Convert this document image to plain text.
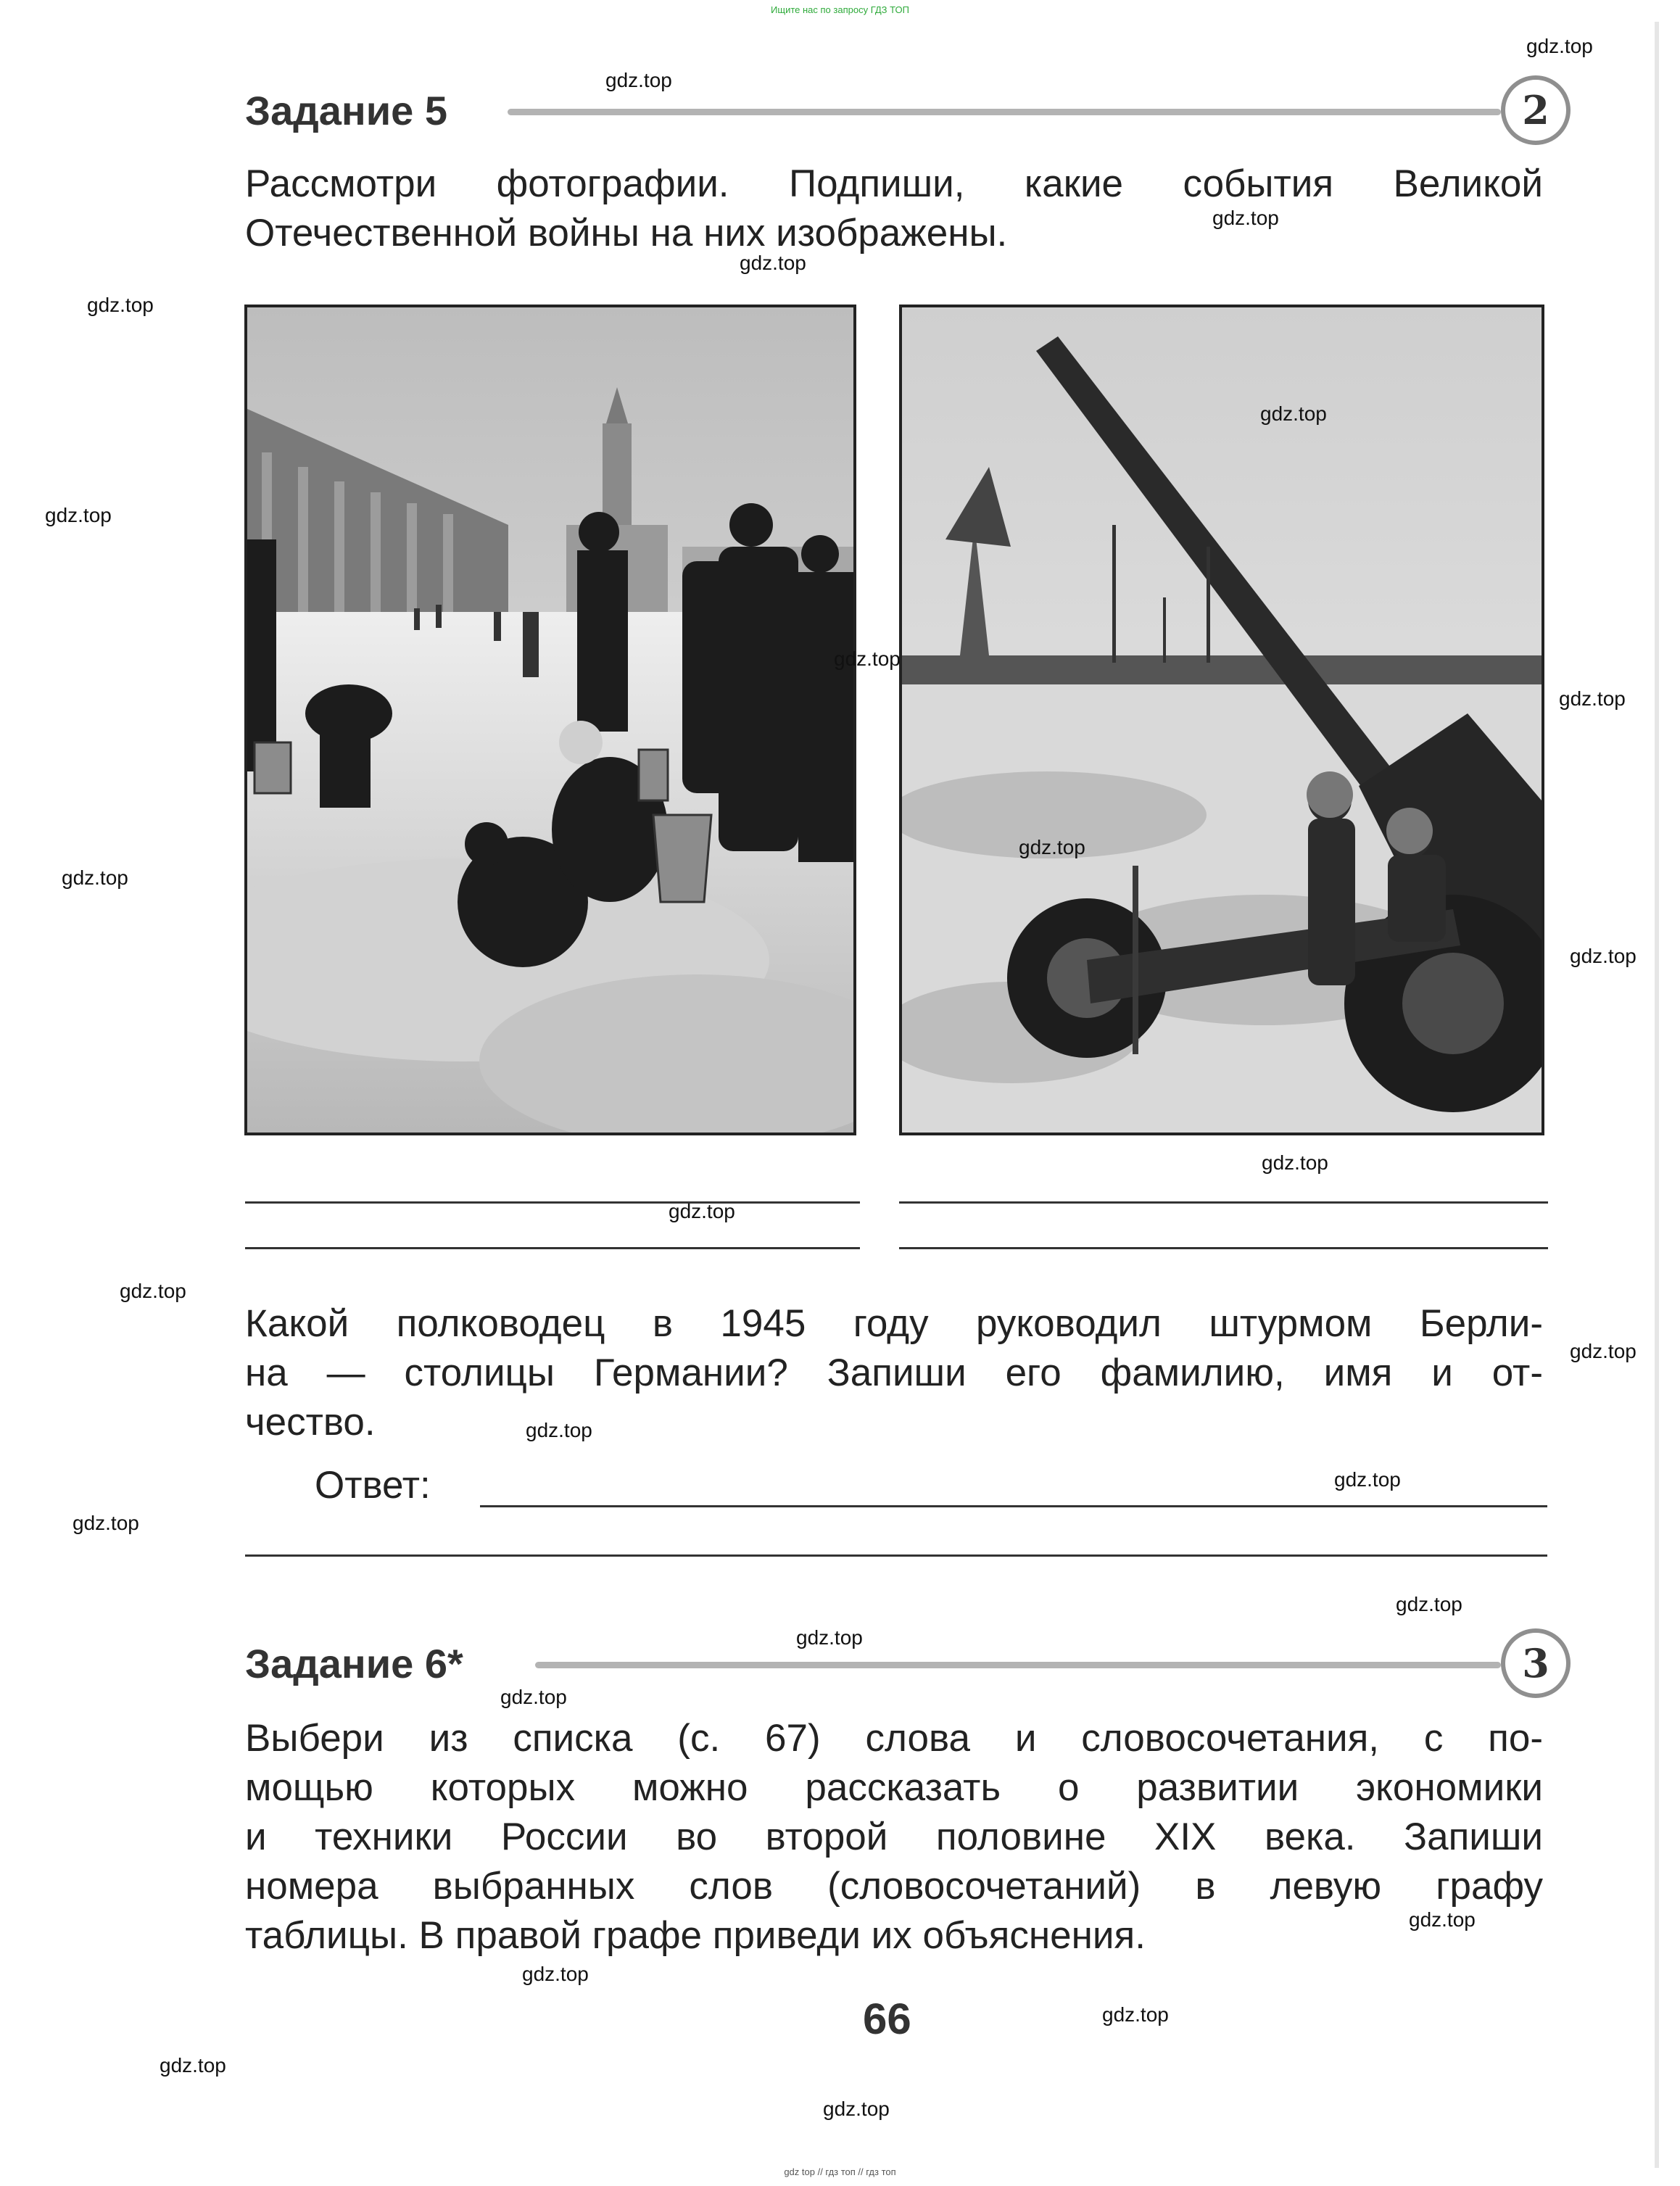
Ищите нас по запросу ГДЗ ТОП
Задание 5	2
Рассмотри фотографии. Подпиши, какие события Великой
Отечественной войны на них изображены.
Какой полководец в 1945 году руководил штурмом Берли-
на — столицы Германии? Запиши его фамилию, имя и от-
чество.
Ответ:
Задание 6*	3
Выбери из списка (с. 67) слова и словосочетания, с по-
мощью которых можно рассказать о развитии экономики
и техники России во второй половине XIX века. Запиши
номера выбранных слов (словосочетаний) в левую графу
таблицы. В правой графе приведи их объяснения.
66
gdz top // гдз топ // гдз топ
gdz.top
gdz.top
gdz.top
gdz.top
gdz.top
gdz.top
gdz.top
gdz.top
gdz.top
gdz.top
gdz.top
gdz.top
gdz.top
gdz.top
gdz.top
gdz.top
gdz.top
gdz.top
gdz.top
gdz.top
gdz.top
gdz.top
gdz.top
gdz.top
gdz.top
gdz.top
gdz.top
